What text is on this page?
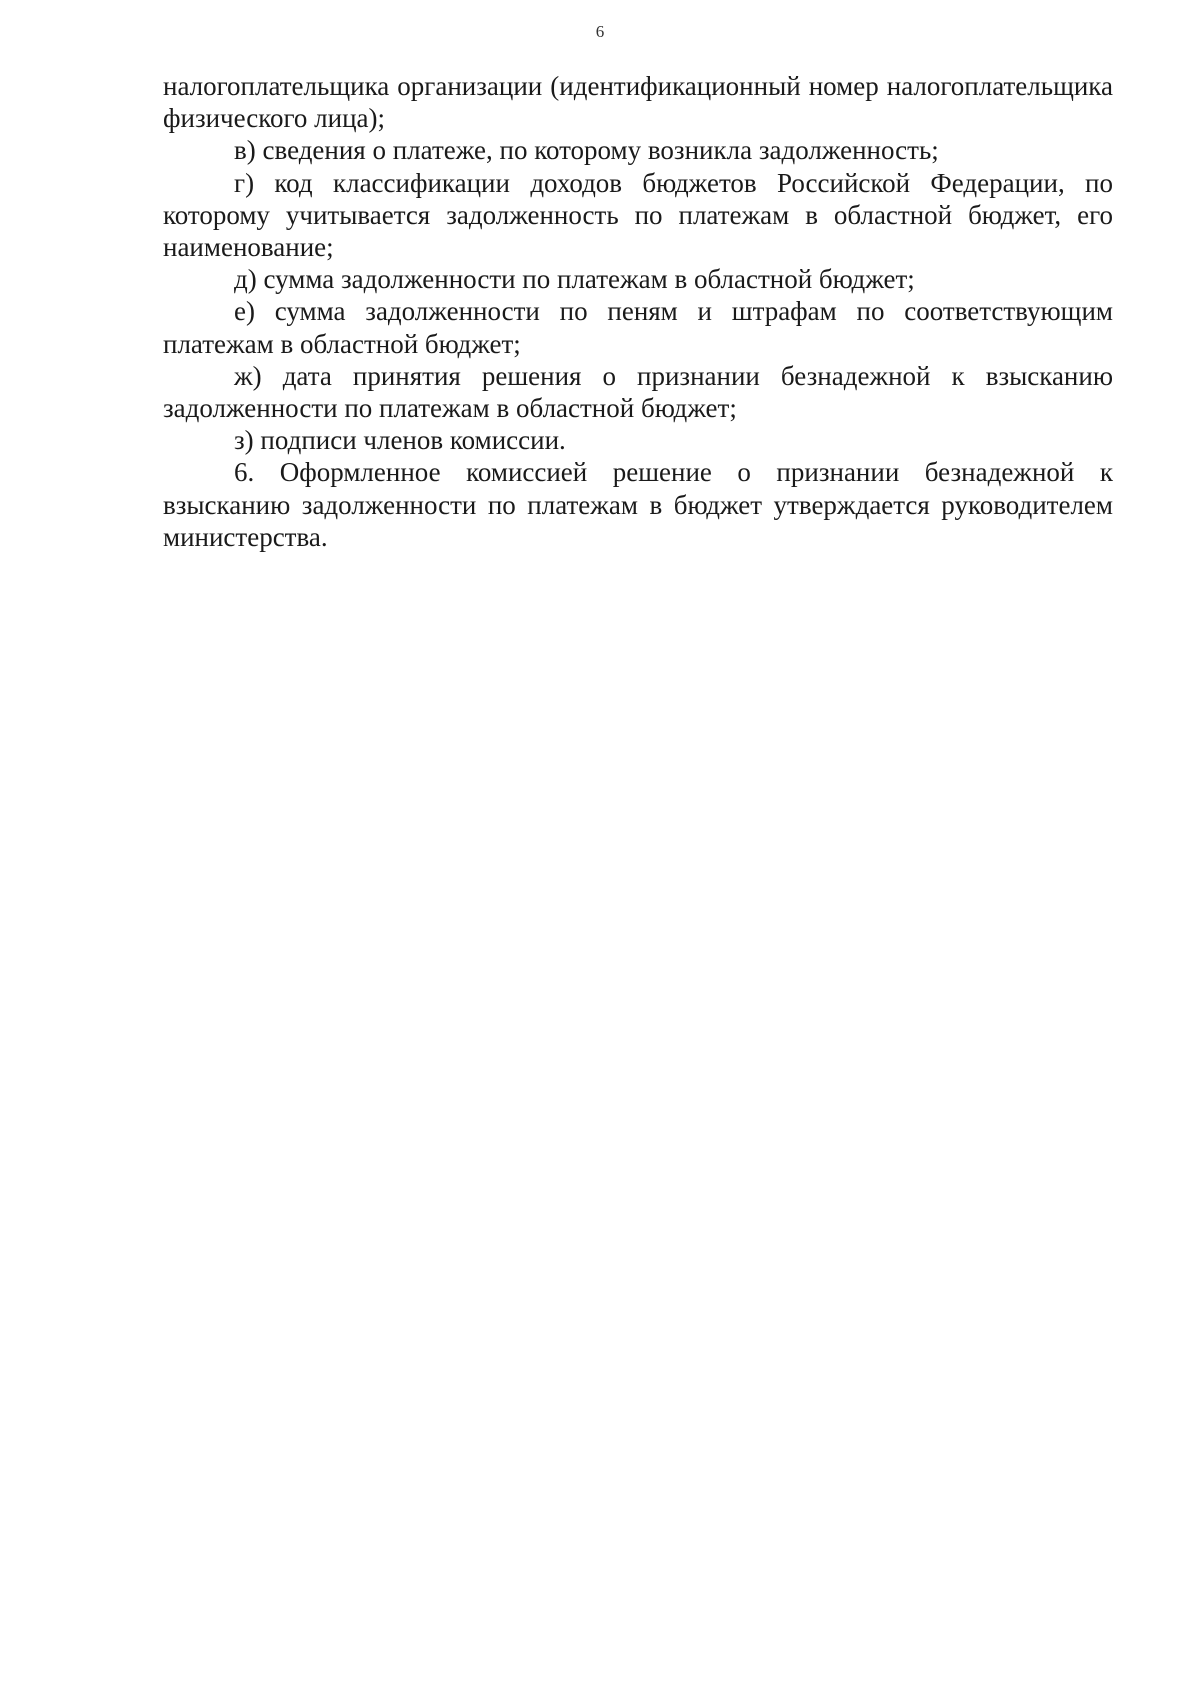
6

налогоплательщика организации (идентификационный номер налогоплательщика физического лица);

в) сведения о платеже, по которому возникла задолженность;

г) код классификации доходов бюджетов Российской Федерации, по которому учитывается задолженность по платежам в областной бюджет, его наименование;

д) сумма задолженности по платежам в областной бюджет;

е) сумма задолженности по пеням и штрафам по соответствующим платежам в областной бюджет;

ж) дата принятия решения о признании безнадежной к взысканию задолженности по платежам в областной бюджет;

з) подписи членов комиссии.

6. Оформленное комиссией решение о признании безнадежной к взысканию задолженности по платежам в бюджет утверждается руководителем министерства.
